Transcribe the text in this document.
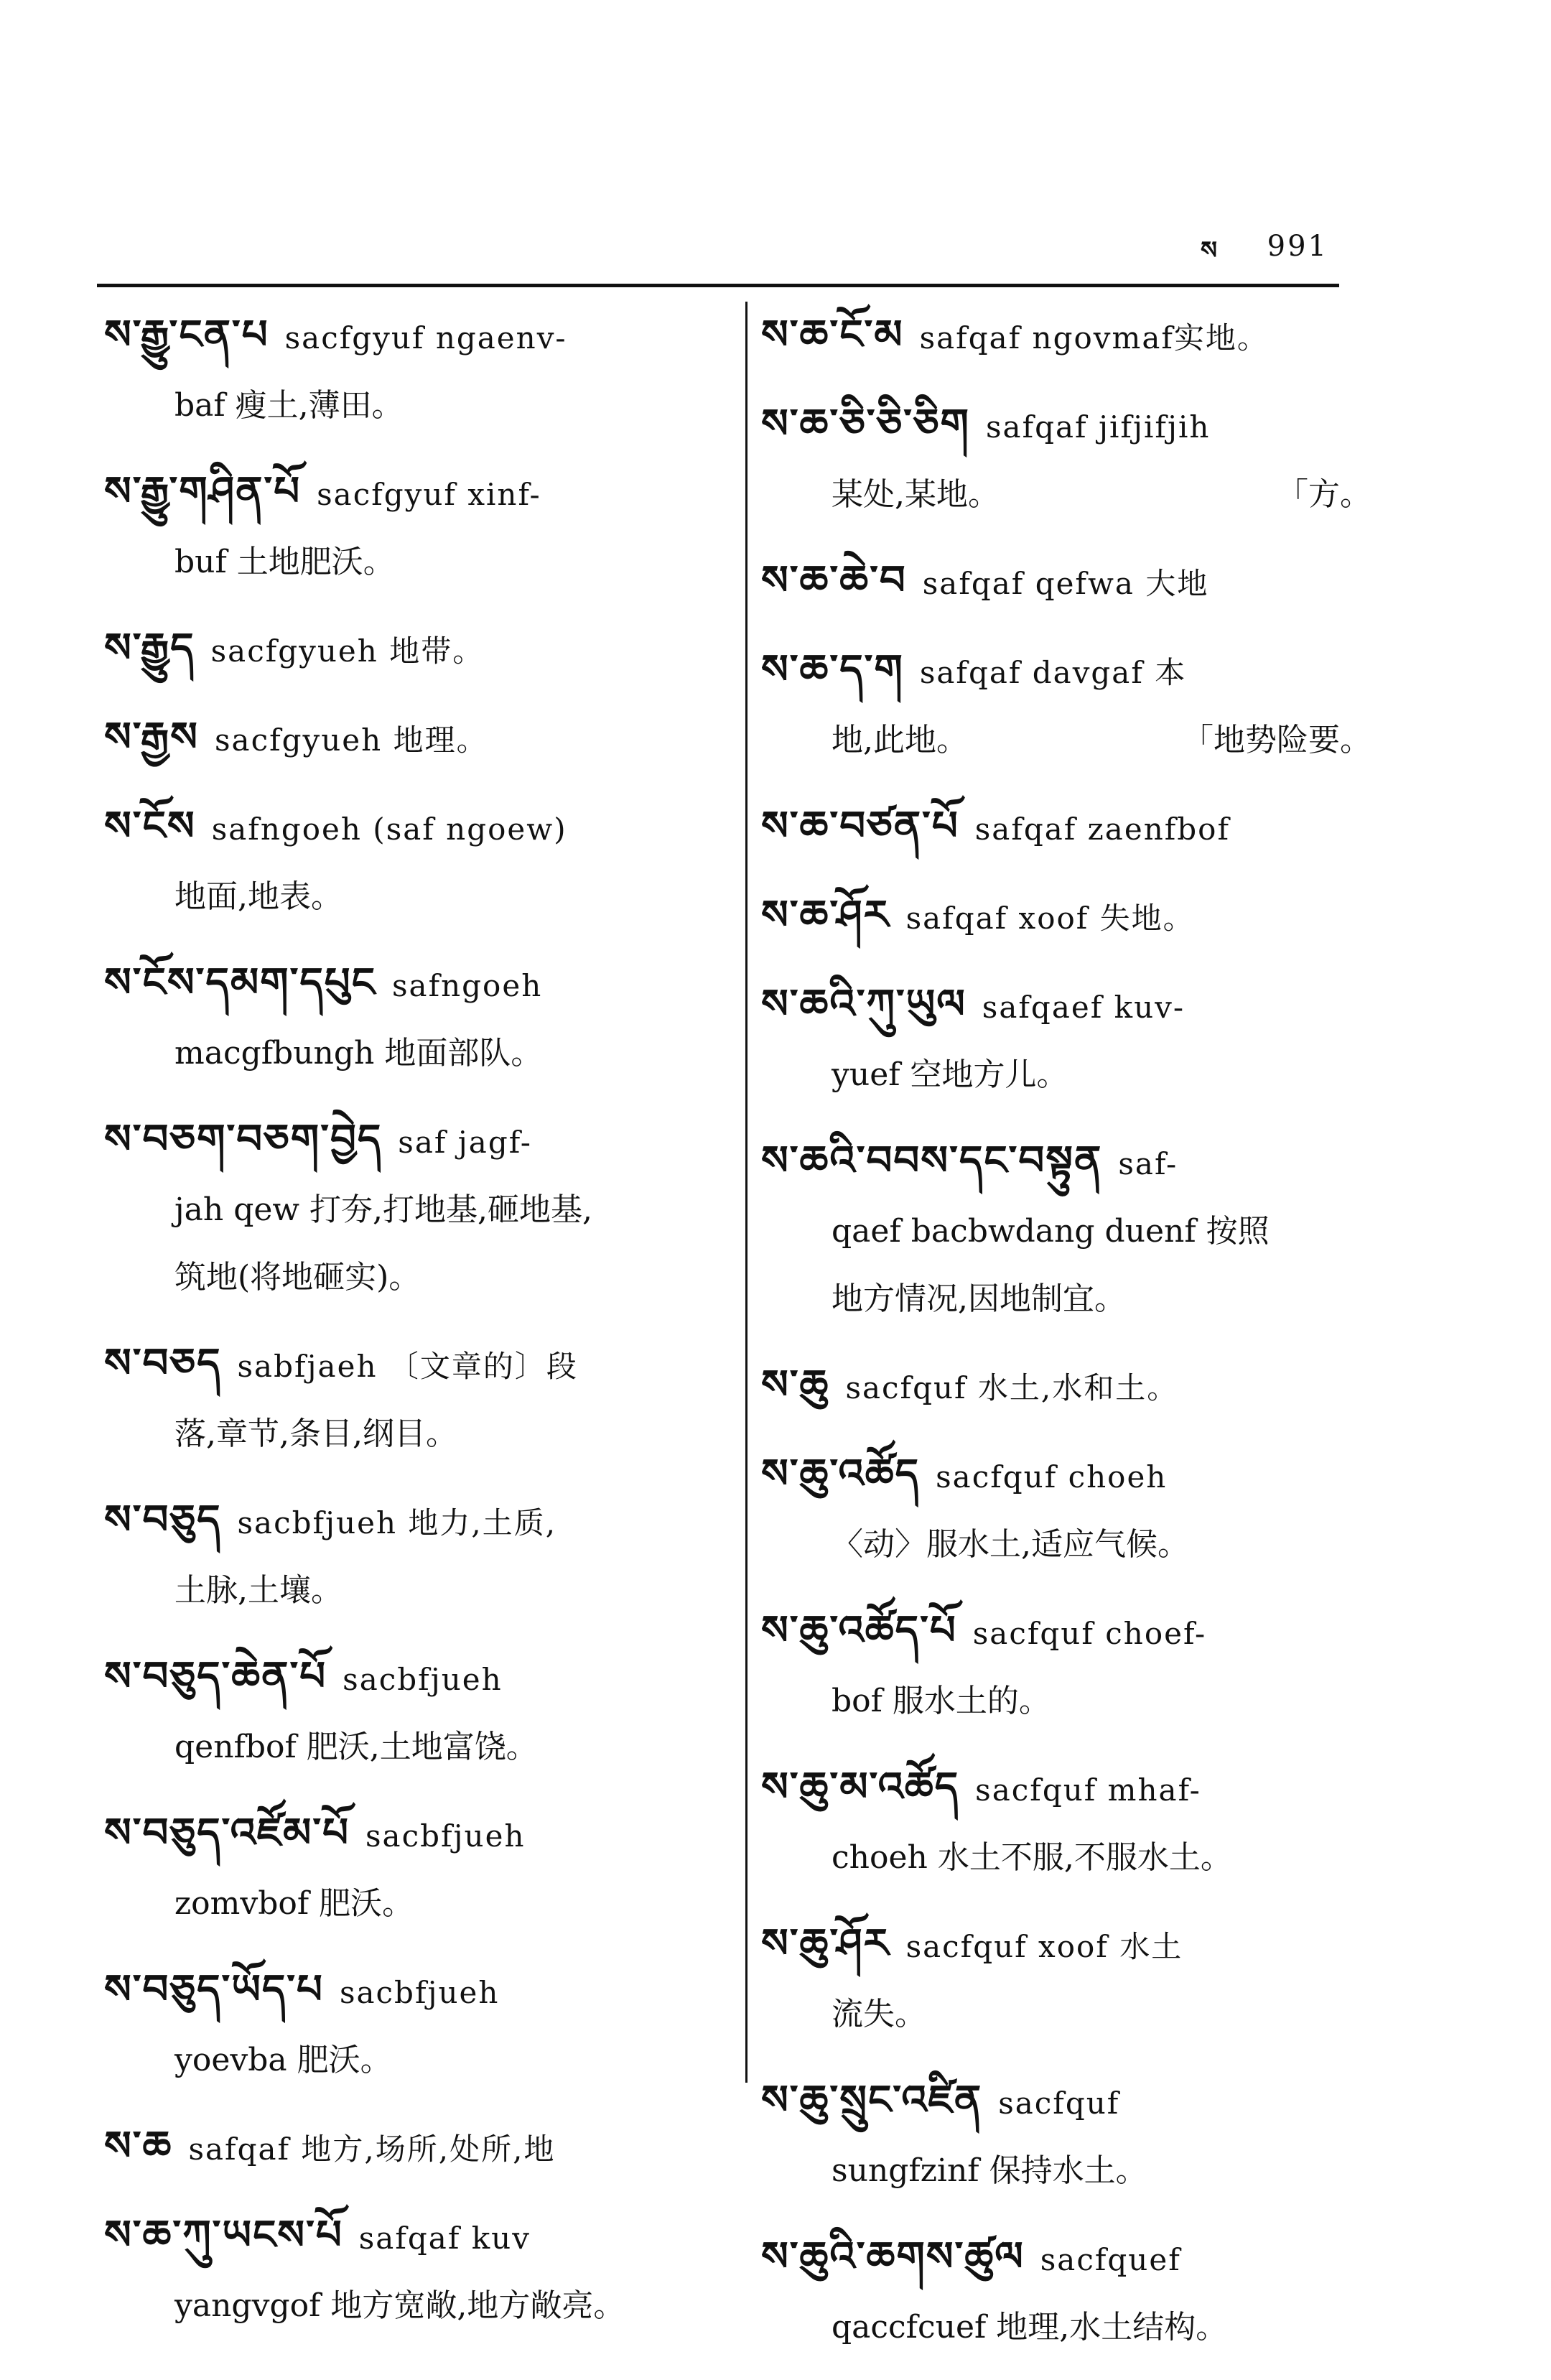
ས 991
ས་རྒྱུ་ངན་པ sacfgyuf ngaenv-
baf 瘦土,薄田。
ས་རྒྱུ་གཤིན་པོ sacfgyuf xinf-
buf 土地肥沃。
ས་རྒྱུད sacfgyueh 地带。
ས་རྒྱས sacfgyueh 地理。
ས་ངོས safngoeh (saf ngoew)
地面,地表。
ས་ངོས་དམག་དཔུང safngoeh
macgfbungh 地面部队。
ས་བཅག་བཅག་བྱེད saf jagf-
jah qew 打夯,打地基,砸地基,
筑地(将地砸实)。
ས་བཅད sabfjaeh 〔文章的〕段
落,章节,条目,纲目。
ས་བཅུད sacbfjueh 地力,土质,
土脉,土壤。
ས་བཅུད་ཆེན་པོ sacbfjueh
qenfbof 肥沃,土地富饶。
ས་བཅུད་འཛོམ་པོ sacbfjueh
zomvbof 肥沃。
ས་བཅུད་ཡོད་པ sacbfjueh
yoevba 肥沃。
ས་ཆ safqaf 地方,场所,处所,地
ས་ཆ་ཀུ་ཡངས་པོ safqaf kuv
yangvgof 地方宽敞,地方敞亮。
ས་ཆ་ངོ་མ safqaf ngovmaf实地。
ས་ཆ་ཅི་ཅི་ཅིག safqaf jifjifjih
某处,某地。	「方。
ས་ཆ་ཆེ་བ safqaf qefwa 大地
ས་ཆ་ད་ག safqaf davgaf 本
地,此地。	「地势险要。
ས་ཆ་བཙན་པོ safqaf zaenfbof
ས་ཆ་ཤོར safqaf xoof 失地。
ས་ཆའི་ཀུ་ཡུལ safqaef kuv-
yuef 空地方儿。
ས་ཆའི་བབས་དང་བསྟུན saf-
qaef bacbwdang duenf 按照
地方情况,因地制宜。
ས་ཆུ sacfquf 水土,水和土。
ས་ཆུ་འཚོད sacfquf choeh
〈动〉服水土,适应气候。
ས་ཆུ་འཚོད་པོ sacfquf choef-
bof 服水土的。
ས་ཆུ་མ་འཚོད sacfquf mhaf-
choeh 水土不服,不服水土。
ས་ཆུ་ཤོར sacfquf xoof 水土
流失。
ས་ཆུ་སྲུང་འཛིན sacfquf
sungfzinf 保持水土。
ས་ཆུའི་ཆགས་ཚུལ sacfquef
qaccfcuef 地理,水土结构。
